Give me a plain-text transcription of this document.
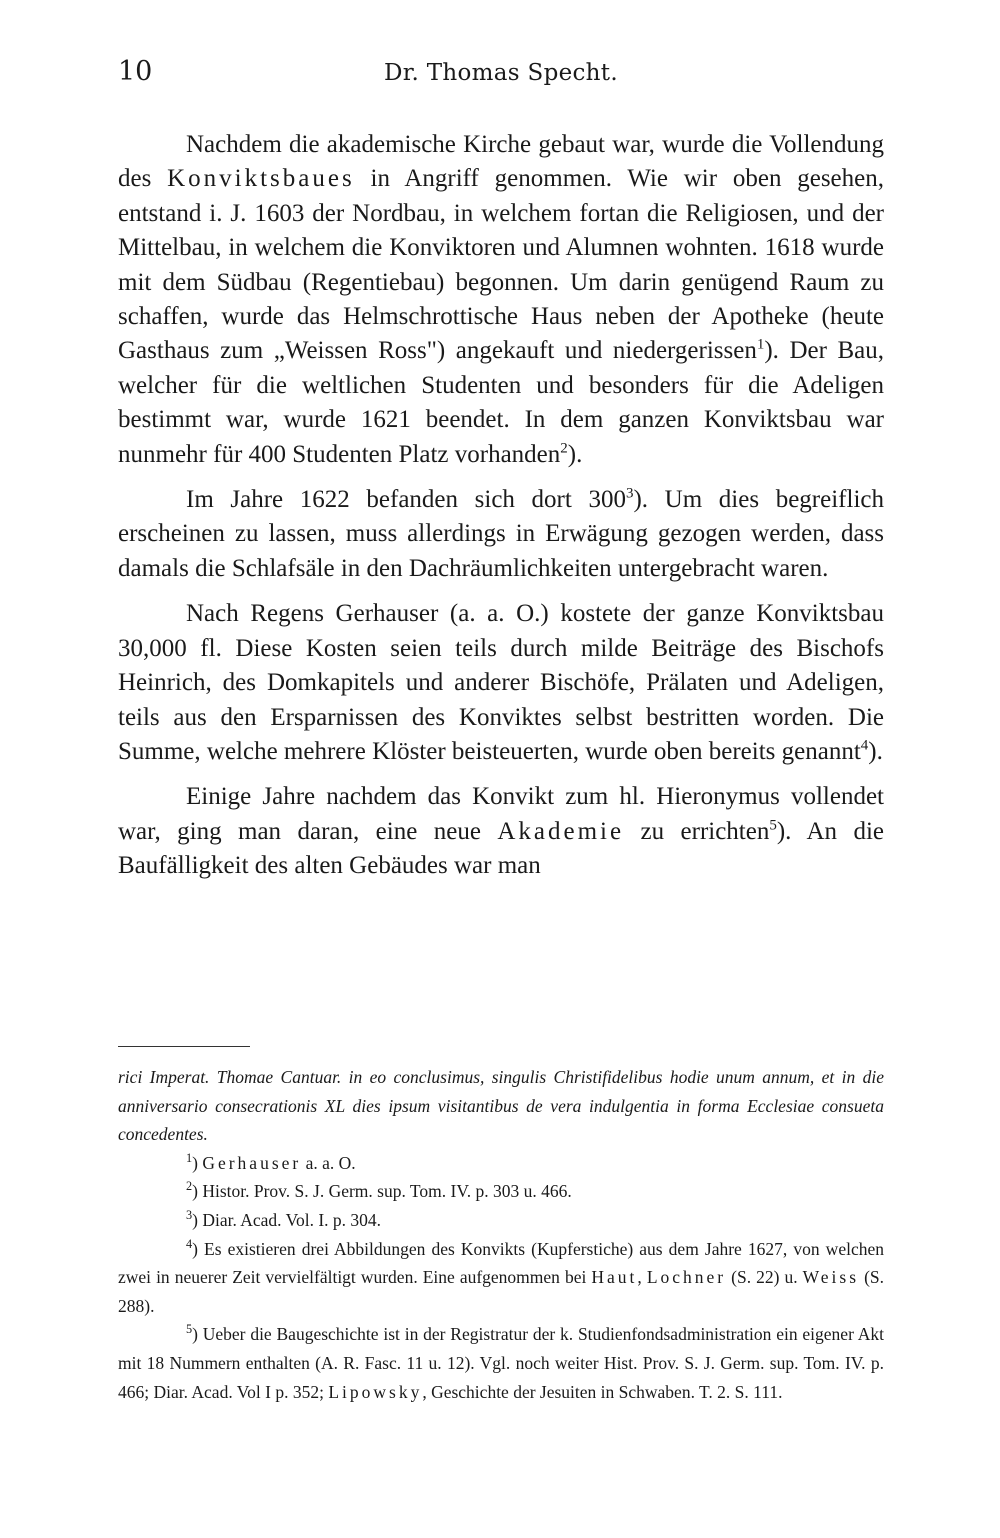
10	Dr. Thomas Specht.

Nachdem die akademische Kirche gebaut war, wurde die Vollendung des Konviktsbaues in Angriff genommen. Wie wir oben gesehen, entstand i. J. 1603 der Nordbau, in welchem fortan die Religiosen, und der Mittelbau, in welchem die Konviktoren und Alumnen wohnten. 1618 wurde mit dem Südbau (Regentiebau) begonnen. Um darin genügend Raum zu schaffen, wurde das Helmschrottische Haus neben der Apotheke (heute Gasthaus zum „Weissen Ross") angekauft und niedergerissen$^1$). Der Bau, welcher für die weltlichen Studenten und besonders für die Adeligen bestimmt war, wurde 1621 beendet. In dem ganzen Konviktsbau war nunmehr für 400 Studenten Platz vorhanden$^2$).

Im Jahre 1622 befanden sich dort $300^3$). Um dies begreiflich erscheinen zu lassen, muss allerdings in Erwägung gezogen werden, dass damals die Schlafsäle in den Dachräumlichkeiten untergebracht waren.

Nach Regens Gerhauser (a. a. O.) kostete der ganze Konviktsbau 30,000 fl. Diese Kosten seien teils durch milde Beiträge des Bischofs Heinrich, des Domkapitels und anderer Bischöfe, Prälaten und Adeligen, teils aus den Ersparnissen des Konviktes selbst bestritten worden. Die Summe, welche mehrere Klöster beisteuerten, wurde oben bereits genannt$^4$).

Einige Jahre nachdem das Konvikt zum hl. Hieronymus vollendet war, ging man daran, eine neue Akademie zu errichten$^5$). An die Baufälligkeit des alten Gebäudes war man

rici Imperat. Thomae Cantuar. in eo conclusimus, singulis Christifidelibus hodie unum annum, et in die anniversario consecrationis XL dies ipsum visitantibus de vera indulgentia in forma Ecclesiae consueta concedentes.

$^1$) Gerhauser a. a. O.

$^2$) Histor. Prov. S. J. Germ. sup. Tom. IV. p. 303 u. 466.

$^3$) Diar. Acad. Vol. I. p. 304.

$^4$) Es existieren drei Abbildungen des Konvikts (Kupferstiche) aus dem Jahre 1627, von welchen zwei in neuerer Zeit vervielfältigt wurden. Eine aufgenommen bei Haut, Lochner (S. 22) u. Weiss (S. 288).

$^5$) Ueber die Baugeschichte ist in der Registratur der k. Studienfondsadministration ein eigener Akt mit 18 Nummern enthalten (A. R. Fasc. 11 u. 12). Vgl. noch weiter Hist. Prov. S. J. Germ. sup. Tom. IV. p. 466; Diar. Acad. Vol I p. 352; Lipowsky, Geschichte der Jesuiten in Schwaben. T. 2. S. 111.
